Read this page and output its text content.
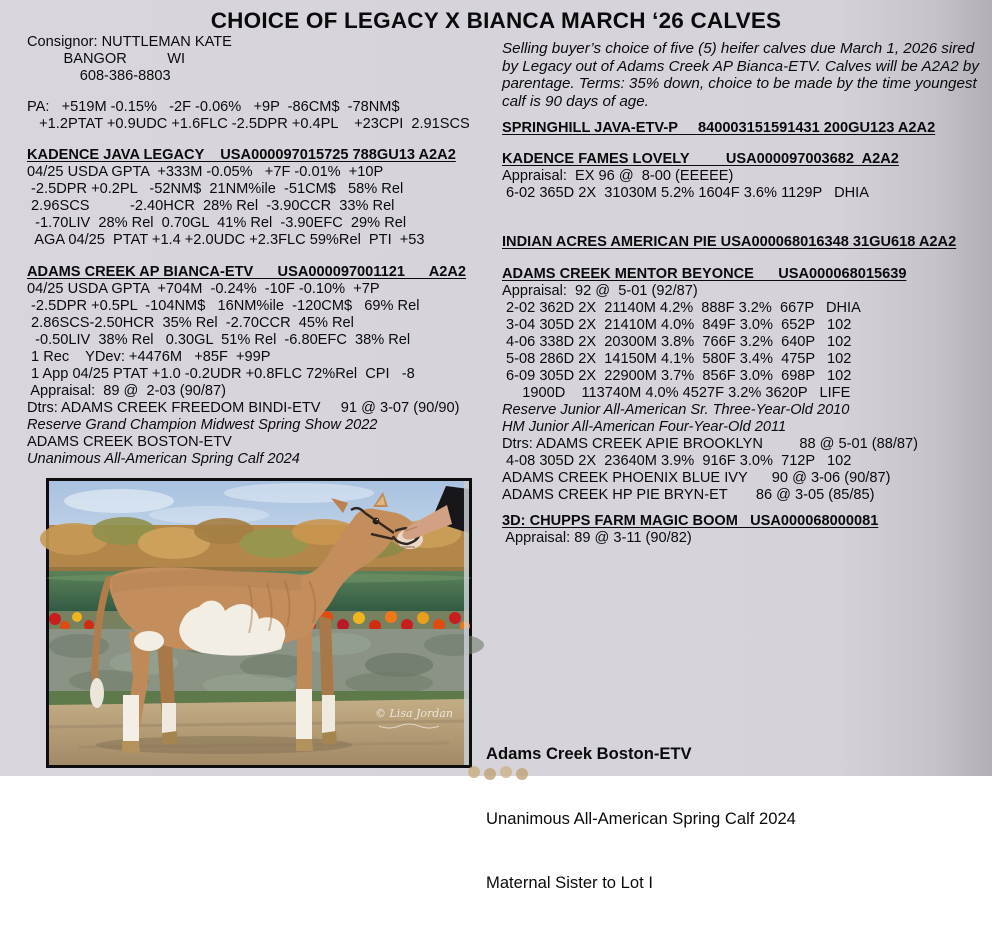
CHOICE OF LEGACY X BIANCA MARCH ‘26 CALVES
Consignor: NUTTLEMAN KATE
BANGOR          WI
608-386-8803
PA:   +519M -0.15%   -2F -0.06%   +9P  -86CM$  -78NM$
+1.2PTAT +0.9UDC +1.6FLC -2.5DPR +0.4PL    +23CPI  2.91SCS
KADENCE JAVA LEGACY    USA000097015725 788GU13 A2A2
04/25 USDA GPTA  +333M -0.05%   +7F -0.01%  +10P
-2.5DPR +0.2PL   -52NM$  21NM%ile  -51CM$   58% Rel
2.96SCS          -2.40HCR  28% Rel  -3.90CCR  33% Rel
-1.70LIV  28% Rel  0.70GL  41% Rel  -3.90EFC  29% Rel
AGA 04/25  PTAT +1.4 +2.0UDC +2.3FLC 59%Rel  PTI  +53
ADAMS CREEK AP BIANCA-ETV      USA000097001121      A2A2
04/25 USDA GPTA  +704M  -0.24%  -10F -0.10%  +7P
-2.5DPR +0.5PL  -104NM$   16NM%ile  -120CM$   69% Rel
2.86SCS-2.50HCR  35% Rel  -2.70CCR  45% Rel
-0.50LIV  38% Rel   0.30GL  51% Rel  -6.80EFC  38% Rel
1 Rec    YDev: +4476M   +85F  +99P
1 App 04/25 PTAT +1.0 -0.2UDR +0.8FLC 72%Rel  CPI   -8
Appraisal:  89 @  2-03 (90/87)
Dtrs: ADAMS CREEK FREEDOM BINDI-ETV     91 @ 3-07 (90/90)
Reserve Grand Champion Midwest Spring Show 2022
ADAMS CREEK BOSTON-ETV
Unanimous All-American Spring Calf 2024
Selling buyer’s choice of five (5) heifer calves due March 1, 2026 sired
by Legacy out of Adams Creek AP Bianca-ETV. Calves will be A2A2 by
parentage. Terms: 35% down, choice to be made by the time youngest
calf is 90 days of age.
SPRINGHILL JAVA-ETV-P     840003151591431 200GU123 A2A2
KADENCE FAMES LOVELY         USA000097003682  A2A2
Appraisal:  EX 96 @  8-00 (EEEEE)
6-02 365D 2X  31030M 5.2% 1604F 3.6% 1129P   DHIA
INDIAN ACRES AMERICAN PIE USA000068016348 31GU618 A2A2
ADAMS CREEK MENTOR BEYONCE      USA000068015639
Appraisal:  92 @  5-01 (92/87)
2-02 362D 2X  21140M 4.2%  888F 3.2%  667P   DHIA
3-04 305D 2X  21410M 4.0%  849F 3.0%  652P   102
4-06 338D 2X  20300M 3.8%  766F 3.2%  640P   102
5-08 286D 2X  14150M 4.1%  580F 3.4%  475P   102
6-09 305D 2X  22900M 3.7%  856F 3.0%  698P   102
1900D    113740M 4.0% 4527F 3.2% 3620P   LIFE
Reserve Junior All-American Sr. Three-Year-Old 2010
HM Junior All-American Four-Year-Old 2011
Dtrs: ADAMS CREEK APIE BROOKLYN         88 @ 5-01 (88/87)
4-08 305D 2X  23640M 3.9%  916F 3.0%  712P   102
ADAMS CREEK PHOENIX BLUE IVY      90 @ 3-06 (90/87)
ADAMS CREEK HP PIE BRYN-ET       86 @ 3-05 (85/85)
3D: CHUPPS FARM MAGIC BOOM   USA000068000081
Appraisal: 89 @ 3-11 (90/82)
© Lisa Jordan

Adams Creek Boston-ETV

Unanimous All-American Spring Calf 2024

Maternal Sister to Lot I
